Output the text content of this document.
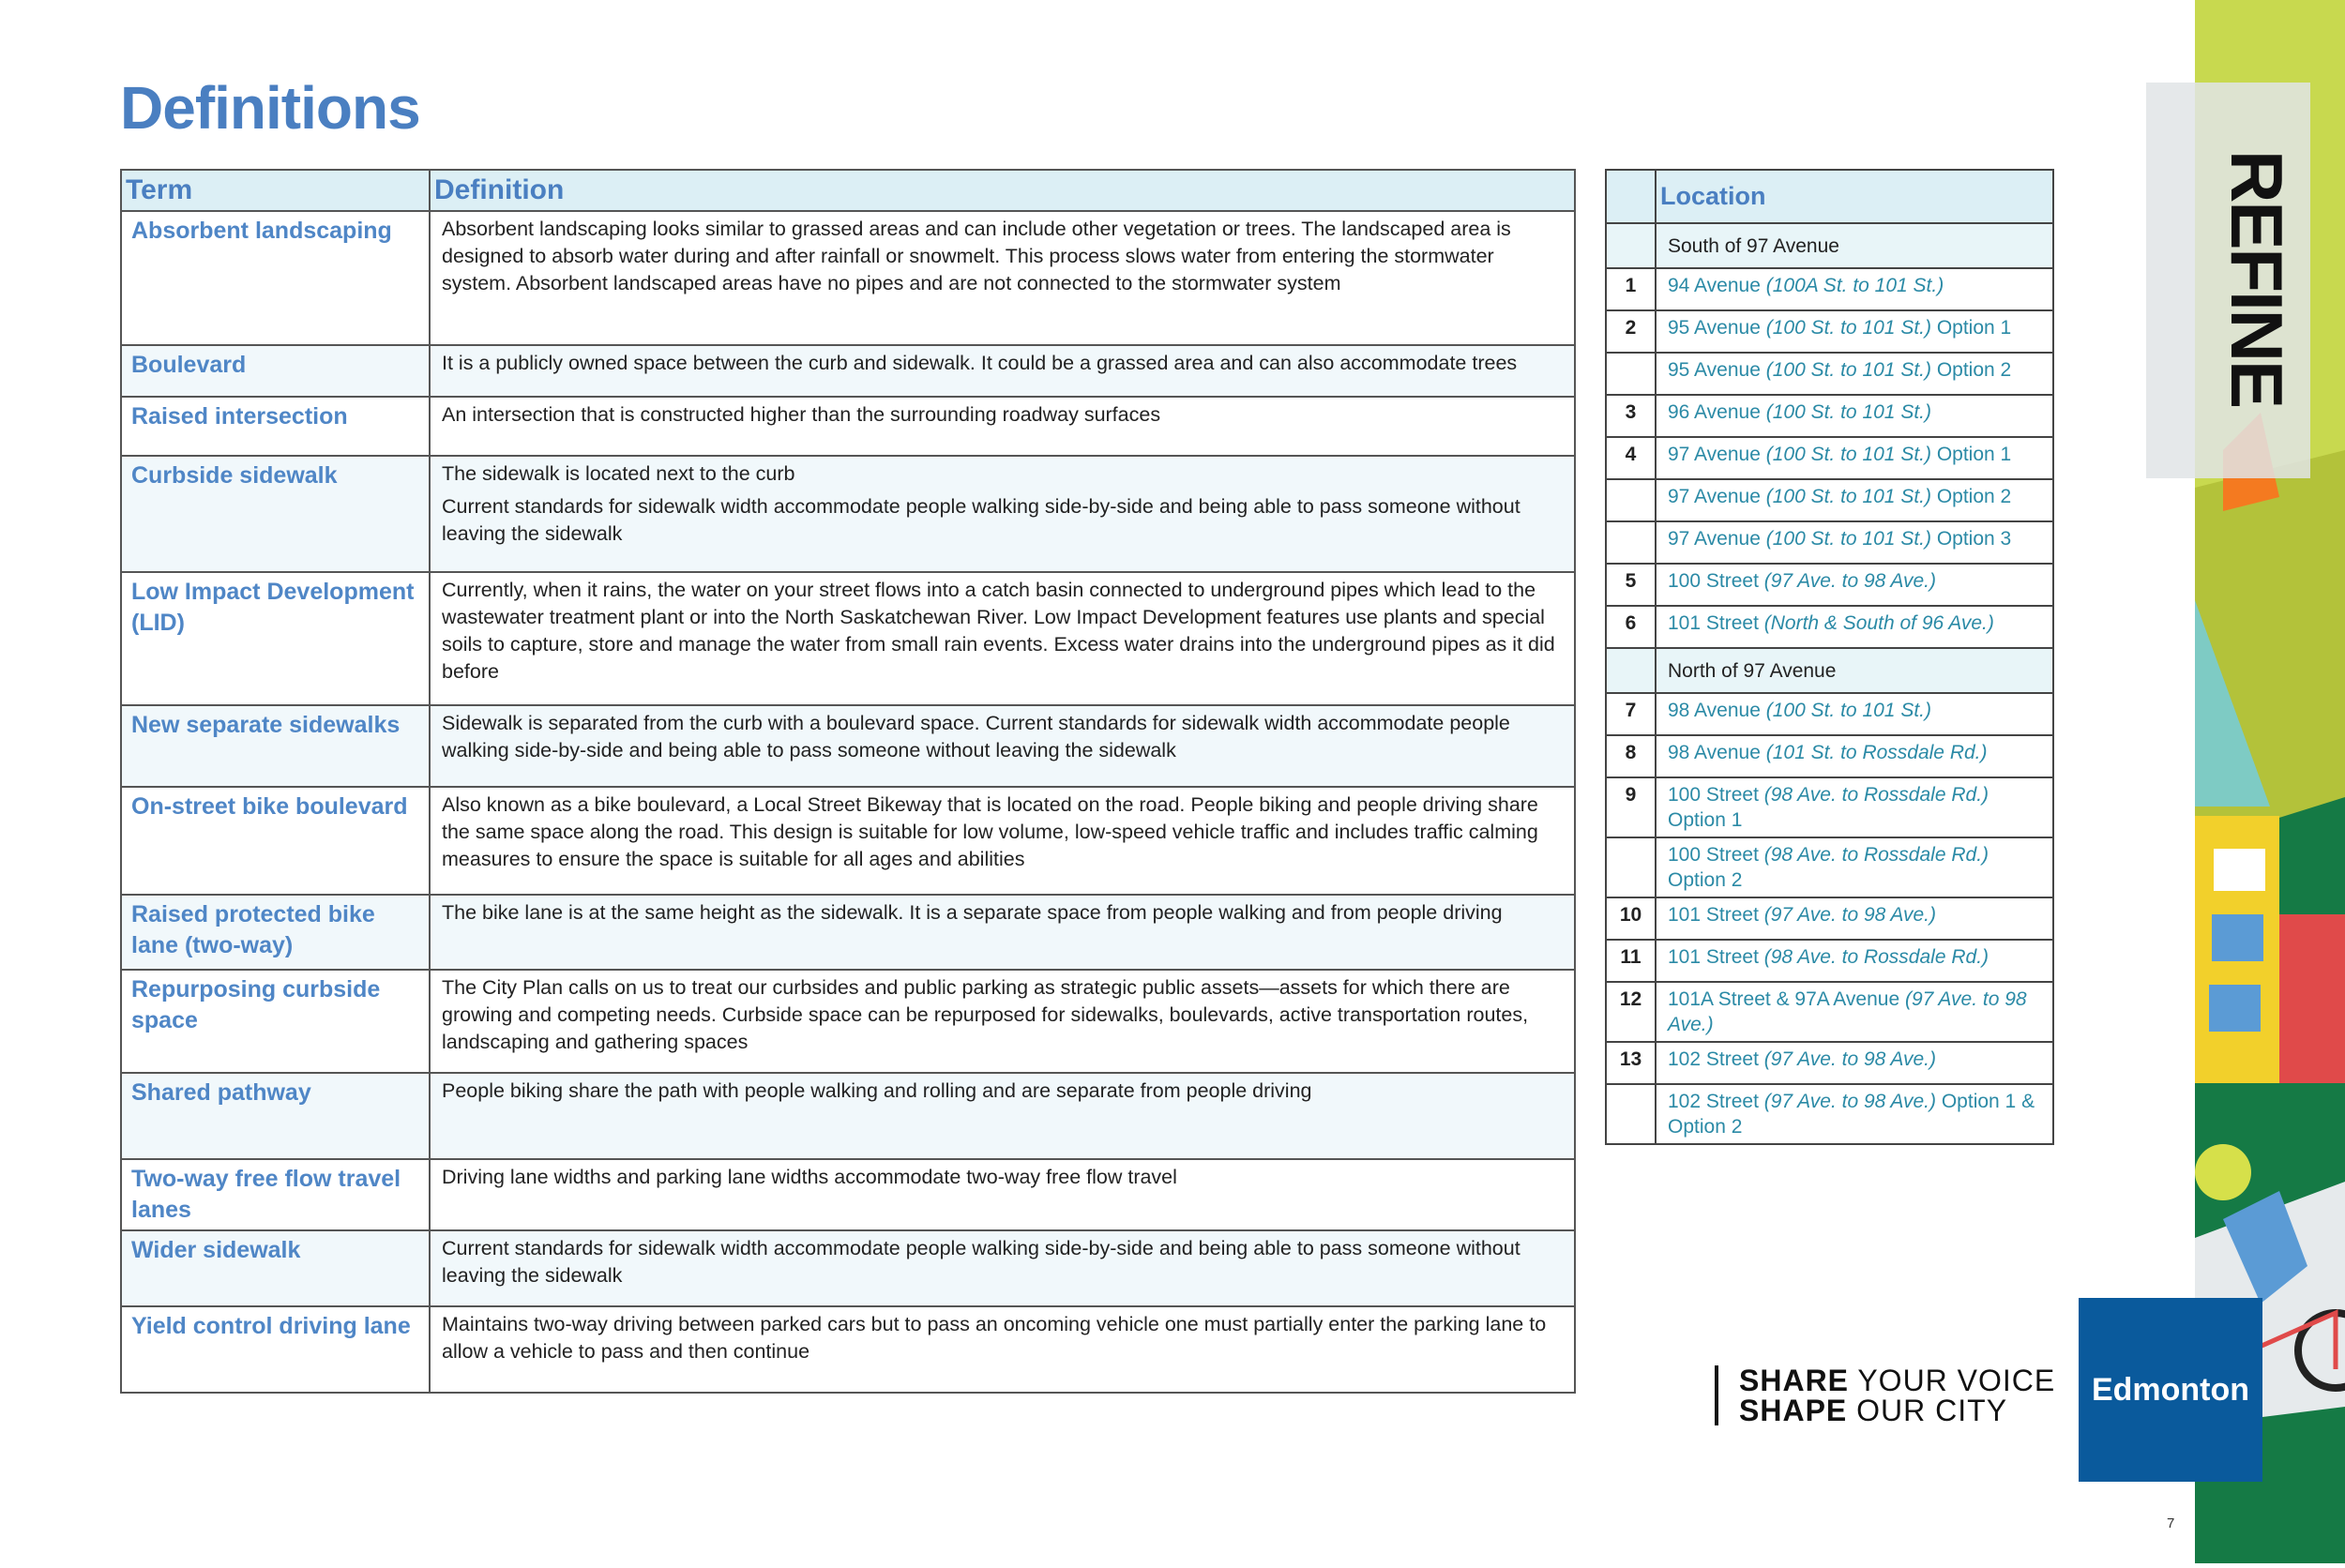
Definitions
Term	Definition
Absorbent landscaping	Absorbent landscaping looks similar to grassed areas and can include other vegetation or trees. The landscaped area is designed to absorb water during and after rainfall or snowmelt. This process slows water from entering the stormwater system. Absorbent landscaped areas have no pipes and are not connected to the stormwater system

Boulevard	It is a publicly owned space between the curb and sidewalk. It could be a grassed area and can also accommodate trees

Raised intersection	An intersection that is constructed higher than the surrounding roadway surfaces

Curbside sidewalk	The sidewalk is located next to the curb

Current standards for sidewalk width accommodate people walking side-by-side and being able to pass someone without leaving the sidewalk

Low Impact Development (LID)	Currently, when it rains, the water on your street flows into a catch basin connected to underground pipes which lead to the wastewater treatment plant or into the North Saskatchewan River. Low Impact Development features use plants and special soils to capture, store and manage the water from small rain events. Excess water drains into the underground pipes as it did before

New separate sidewalks	Sidewalk is separated from the curb with a boulevard space. Current standards for sidewalk width accommodate people walking side-by-side and being able to pass someone without leaving the sidewalk

On-street bike boulevard	Also known as a bike boulevard, a Local Street Bikeway that is located on the road. People biking and people driving share the same space along the road. This design is suitable for low volume, low-speed vehicle traffic and includes traffic calming measures to ensure the space is suitable for all ages and abilities

Raised protected bike lane (two-way)	The bike lane is at the same height as the sidewalk. It is a separate space from people walking and from people driving

Repurposing curbside space	The City Plan calls on us to treat our curbsides and public parking as strategic public assets—assets for which there are growing and competing needs. Curbside space can be repurposed for sidewalks, boulevards, active transportation routes, landscaping and gathering spaces

Shared pathway	People biking share the path with people walking and rolling and are separate from people driving

Two-way free flow travel lanes	Driving lane widths and parking lane widths accommodate two-way free flow travel

Wider sidewalk	Current standards for sidewalk width accommodate people walking side-by-side and being able to pass someone without leaving the sidewalk

Yield control driving lane	Maintains two-way driving between parked cars but to pass an oncoming vehicle one must partially enter the parking lane to allow a vehicle to pass and then continue

	Location
	South of 97 Avenue
1	94 Avenue (100A St. to 101 St.)
2	95 Avenue (100 St. to 101 St.) Option 1
	95 Avenue (100 St. to 101 St.) Option 2
3	96 Avenue (100 St. to 101 St.)
4	97 Avenue (100 St. to 101 St.) Option 1
	97 Avenue (100 St. to 101 St.) Option 2
	97 Avenue (100 St. to 101 St.) Option 3
5	100 Street (97 Ave. to 98 Ave.)
6	101 Street (North & South of 96 Ave.)
	North of 97 Avenue
7	98 Avenue (100 St. to 101 St.)
8	98 Avenue (101 St. to Rossdale Rd.)
9	100 Street (98 Ave. to Rossdale Rd.) Option 1
	100 Street (98 Ave. to Rossdale Rd.) Option 2
10	101 Street (97 Ave. to 98 Ave.)
11	101 Street (98 Ave. to Rossdale Rd.)
12	101A Street & 97A Avenue (97 Ave. to 98 Ave.)
13	102 Street (97 Ave. to 98 Ave.)
	102 Street (97 Ave. to 98 Ave.) Option 1 & Option 2
REFINE
SHARE YOUR VOICE
SHAPE OUR CITY
Edmonton
7
